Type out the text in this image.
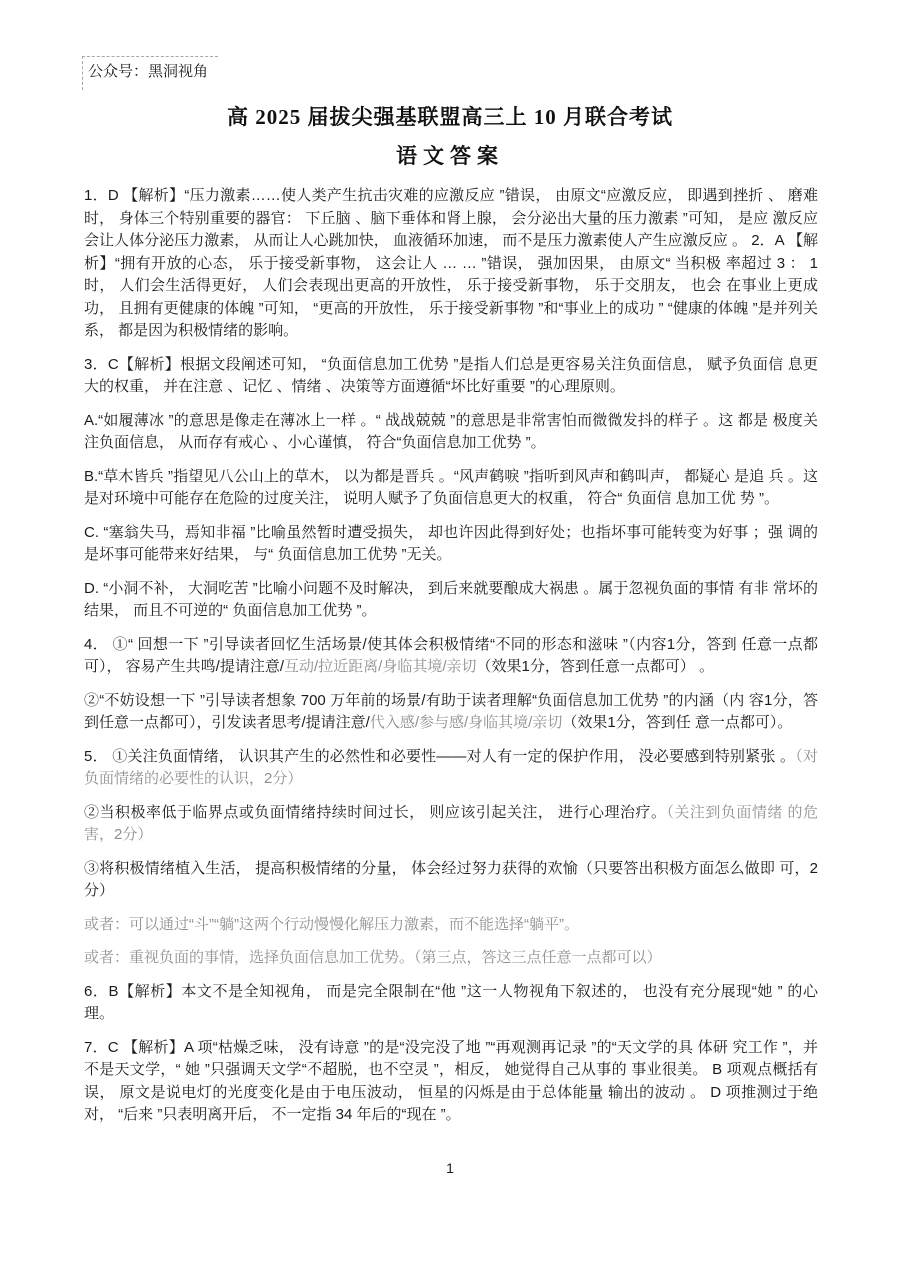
公众号：黑洞视角
高 2025 届拔尖强基联盟高三上 10 月联合考试
语文答案

1．D 【解析】“压力激素……使人类产生抗击灾难的应激反应 ”错误， 由原文“应激反应， 即遇到挫折 、 磨难时， 身体三个特别重要的器官： 下丘脑 、脑下垂体和肾上腺， 会分泌出大量的压力激素 ”可知， 是应 激反应会让人体分泌压力激素， 从而让人心跳加快， 血液循环加速， 而不是压力激素使人产生应激反应 。 2．A 【解析】“拥有开放的心态， 乐于接受新事物， 这会让人 … … ”错误， 强加因果， 由原文“ 当积极 率超过 3 ： 1 时， 人们会生活得更好， 人们会表现出更高的开放性， 乐于接受新事物， 乐于交朋友， 也会 在事业上更成功， 且拥有更健康的体魄 ”可知， “更高的开放性， 乐于接受新事物 ”和“事业上的成功 ” “健康的体魄 ”是并列关系， 都是因为积极情绪的影响。

3．C【解析】根据文段阐述可知， “负面信息加工优势 ”是指人们总是更容易关注负面信息， 赋予负面信 息更大的权重， 并在注意 、记忆 、情绪 、决策等方面遵循“坏比好重要 ”的心理原则。

A.“如履薄冰 ”的意思是像走在薄冰上一样 。“ 战战兢兢 ”的意思是非常害怕而微微发抖的样子 。这 都是 极度关注负面信息， 从而存有戒心 、小心谨慎， 符合“负面信息加工优势 ”。

B.“草木皆兵 ”指望见八公山上的草木， 以为都是晋兵 。“风声鹤唳 ”指听到风声和鹤叫声， 都疑心 是追 兵 。这是对环境中可能存在危险的过度关注， 说明人赋予了负面信息更大的权重， 符合“ 负面信 息加工优 势 ”。

C. “塞翁失马，焉知非福 ”比喻虽然暂时遭受损失， 却也许因此得到好处；也指坏事可能转变为好事 ；强 调的是坏事可能带来好结果， 与“ 负面信息加工优势 ”无关。

D. “小洞不补， 大洞吃苦 ”比喻小问题不及时解决， 到后来就要酿成大祸患 。属于忽视负面的事情 有非 常坏的结果， 而且不可逆的“ 负面信息加工优势 ”。

4． ①“ 回想一下 ”引导读者回忆生活场景/使其体会积极情绪“不同的形态和滋味 ”（内容1分，答到 任意一点都可）， 容易产生共鸣/提请注意/互动/拉近距离/身临其境/亲切（效果1分，答到任意一点都可） 。

②“不妨设想一下 ”引导读者想象 700 万年前的场景/有助于读者理解“负面信息加工优势 ”的内涵（内 容1分，答到任意一点都可），引发读者思考/提请注意/代入感/参与感/身临其境/亲切（效果1分，答到任 意一点都可）。

5． ①关注负面情绪， 认识其产生的必然性和必要性——对人有一定的保护作用， 没必要感到特别紧张 。（对负面情绪的必要性的认识，2分）

②当积极率低于临界点或负面情绪持续时间过长， 则应该引起关注， 进行心理治疗。（关注到负面情绪 的危害，2分）

③将积极情绪植入生活， 提高积极情绪的分量， 体会经过努力获得的欢愉（只要答出积极方面怎么做即 可，2分）

或者：可以通过“斗”“躺”这两个行动慢慢化解压力激素，而不能选择“躺平”。

或者：重视负面的事情，选择负面信息加工优势。（第三点，答这三点任意一点都可以）

6．B【解析】本文不是全知视角， 而是完全限制在“他 ”这一人物视角下叙述的， 也没有充分展现“她 ” 的心理。

7．C 【解析】A 项“枯燥乏味， 没有诗意 ”的是“没完没了地 ”“再观测再记录 ”的“天文学的具 体研 究工作 ”，并不是天文学，“ 她 ”只强调天文学“不超脱，也不空灵 ”，相反， 她觉得自己从事的 事业很美。 B 项观点概括有误， 原文是说电灯的光度变化是由于电压波动， 恒星的闪烁是由于总体能量 输出的波动 。 D 项推测过于绝对， “后来 ”只表明离开后， 不一定指 34 年后的“现在 ”。

1
